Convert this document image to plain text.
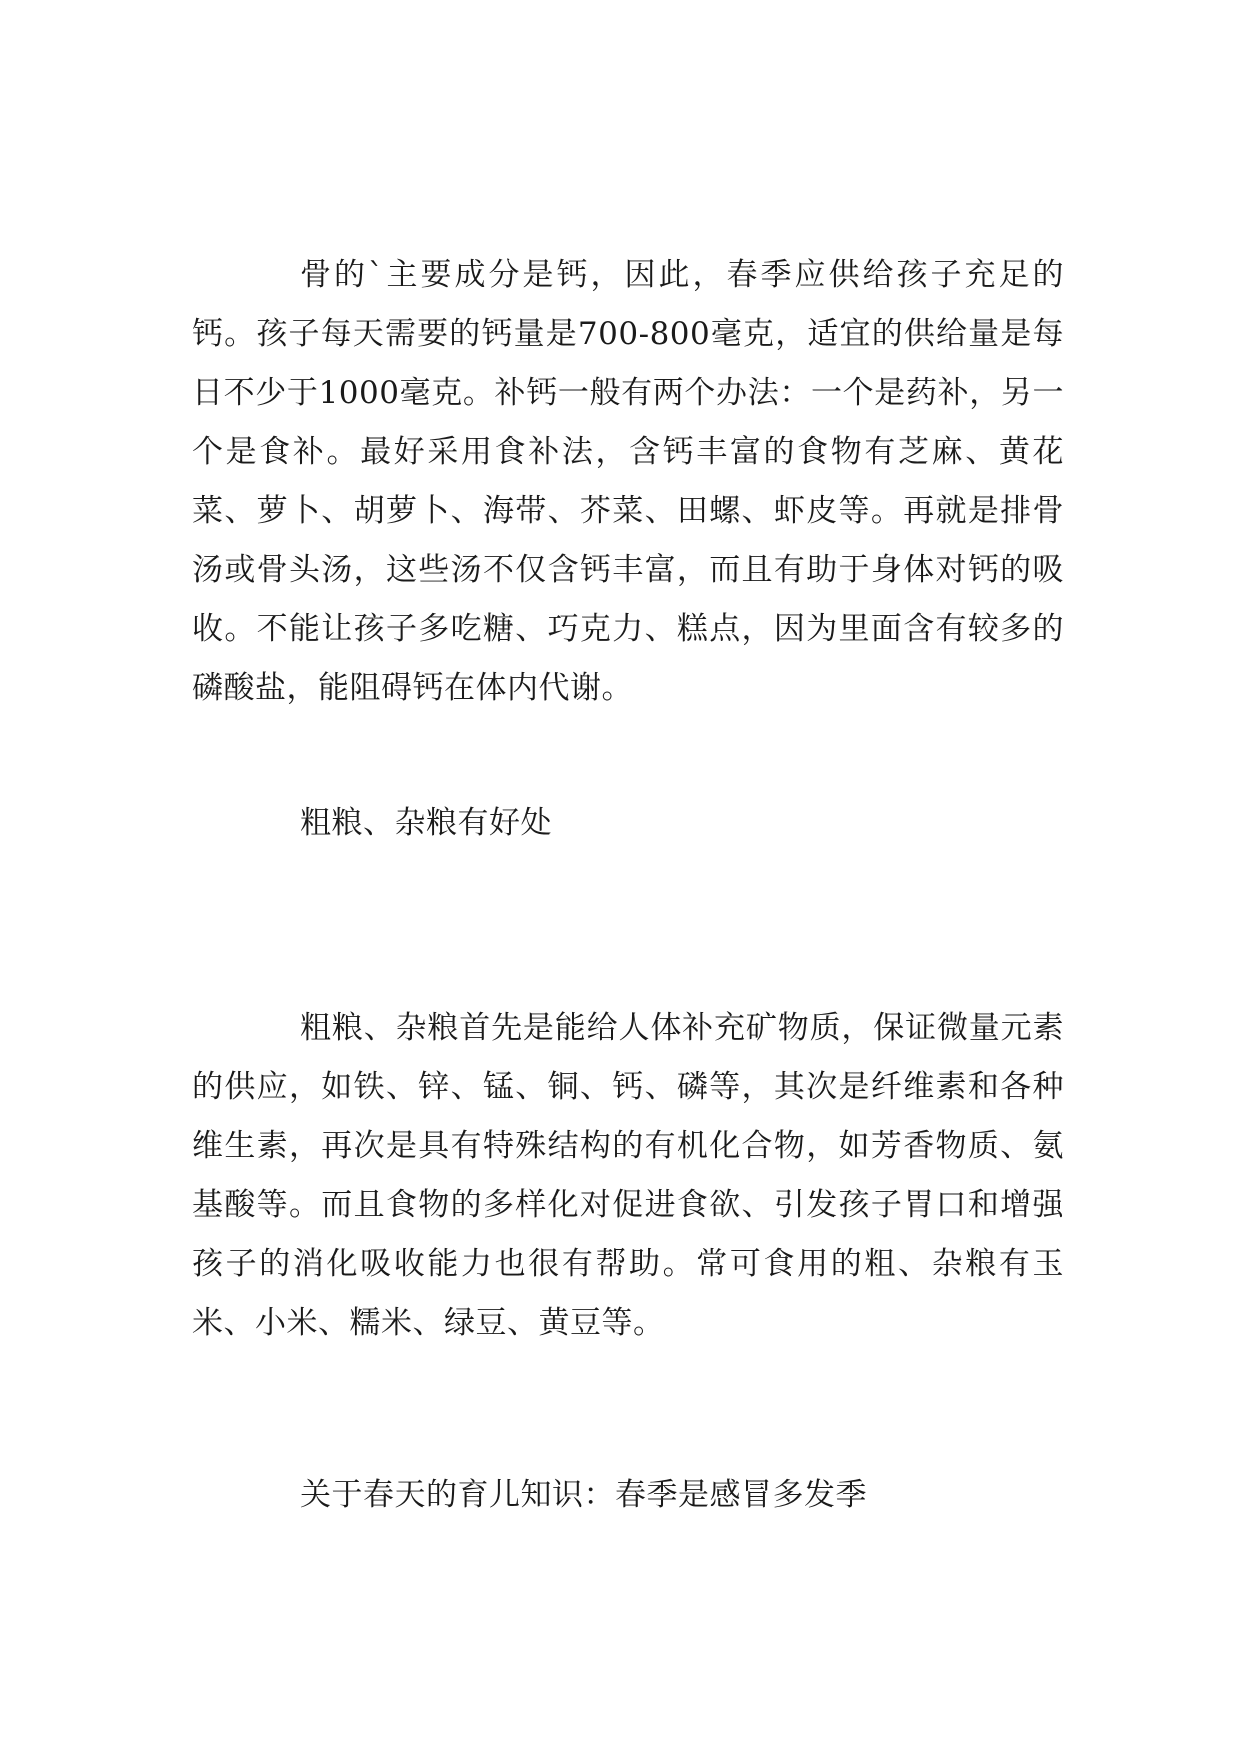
骨的`主要成分是钙，因此，春季应供给孩子充足的钙。孩子每天需要的钙量是700-800毫克，适宜的供给量是每日不少于1000毫克。补钙一般有两个办法：一个是药补，另一个是食补。最好采用食补法，含钙丰富的食物有芝麻、黄花菜、萝卜、胡萝卜、海带、芥菜、田螺、虾皮等。再就是排骨汤或骨头汤，这些汤不仅含钙丰富，而且有助于身体对钙的吸收。不能让孩子多吃糖、巧克力、糕点，因为里面含有较多的磷酸盐，能阻碍钙在体内代谢。

粗粮、杂粮有好处

粗粮、杂粮首先是能给人体补充矿物质，保证微量元素的供应，如铁、锌、锰、铜、钙、磷等，其次是纤维素和各种维生素，再次是具有特殊结构的有机化合物，如芳香物质、氨基酸等。而且食物的多样化对促进食欲、引发孩子胃口和增强孩子的消化吸收能力也很有帮助。常可食用的粗、杂粮有玉米、小米、糯米、绿豆、黄豆等。

关于春天的育儿知识：春季是感冒多发季
